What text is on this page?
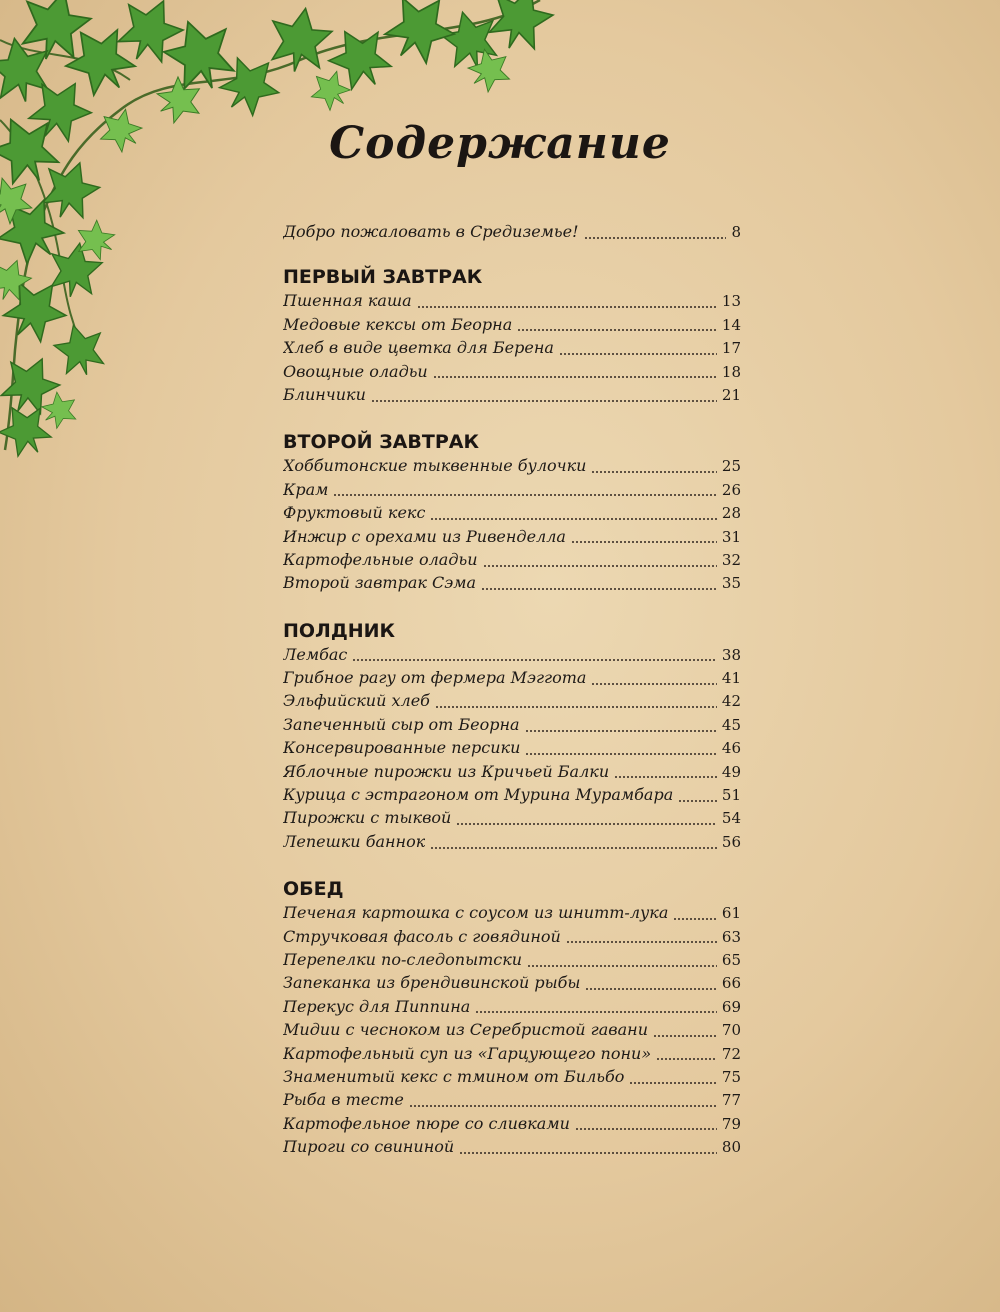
Содержание
Добро пожаловать в Средиземье!	8
ПЕРВЫЙ ЗАВТРАК
Пшенная каша	13
Медовые кексы от Беорна	14
Хлеб в виде цветка для Берена	17
Овощные оладьи	18
Блинчики	21
ВТОРОЙ ЗАВТРАК
Хоббитонские тыквенные булочки	25
Крам	26
Фруктовый кекс	28
Инжир с орехами из Ривенделла	31
Картофельные оладьи	32
Второй завтрак Сэма	35
ПОЛДНИК
Лембас	38
Грибное рагу от фермера Мэггота	41
Эльфийский хлеб	42
Запеченный сыр от Беорна	45
Консервированные персики	46
Яблочные пирожки из Кричьей Балки	49
Курица с эстрагоном от Мурина Мурамбара	51
Пирожки с тыквой	54
Лепешки баннок	56
ОБЕД
Печеная картошка с соусом из шнитт-лука	61
Стручковая фасоль с говядиной	63
Перепелки по-следопытски	65
Запеканка из брендивинской рыбы	66
Перекус для Пиппина	69
Мидии с чесноком из Серебристой гавани	70
Картофельный суп из «Гарцующего пони»	72
Знаменитый кекс с тмином от Бильбо	75
Рыба в тесте	77
Картофельное пюре со сливками	79
Пироги со свининой	80
